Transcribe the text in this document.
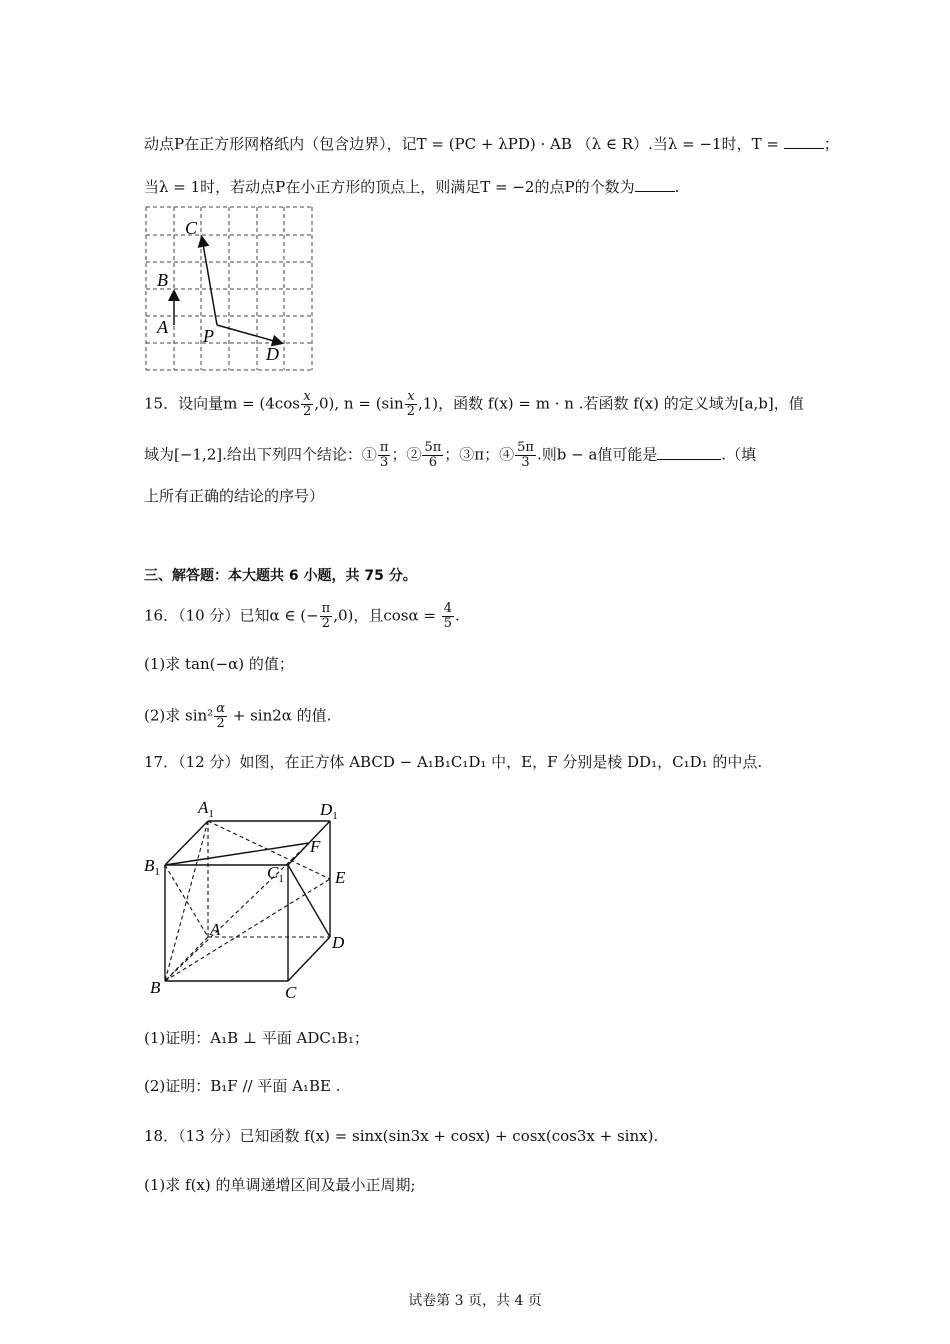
动点P在正方形网格纸内（包含边界），记T = (PC + λPD) · AB （λ ∈ R）.当λ = −1时，T =	；
当λ = 1时，若动点P在小正方形的顶点上，则满足T = −2的点P的个数为	.
C
B
A P
D
15．设向量$m = (4\cos \frac{x}{2} ,0)$, $n = (\sin \frac{x}{2} ,1)$，函数 f(x) = m · n .若函数 f(x) 的定义域为[a,b]，值
域为[−1,2].给出下列四个结论：① $\frac{\pi}{3}$ ；② $\frac{5\pi}{6}$ ；③π；④ $\frac{5\pi}{3}$ .则b − a值可能是	.（填
上所有正确的结论的序号）
三、解答题：本大题共 6 小题，共 75 分。
16．（10 分）已知α ∈ (− $\frac{\pi}{2} ,0$)，且$\cos\alpha = \frac{4}{5}$ .
(1)求 tan(−α) 的值；
(2)求 $\sin^2 \frac{\alpha}{2} + \sin 2\alpha$ 的值.
17．（12 分）如图，在正方体 ABCD − A₁B₁C₁D₁ 中，E，F 分别是棱 DD₁，C₁D₁ 的中点.
$A_1$	$D_1$
$B_1$	$C_1$
F
E
A
D
B	C
(1)证明：A₁B ⊥ 平面 ADC₁B₁；
(2)证明：B₁F // 平面 A₁BE .
18．（13 分）已知函数 f(x) = sinx(sin3x + cosx) + cosx(cos3x + sinx).
(1)求 f(x) 的单调递增区间及最小正周期;
试卷第 3 页，共 4 页
